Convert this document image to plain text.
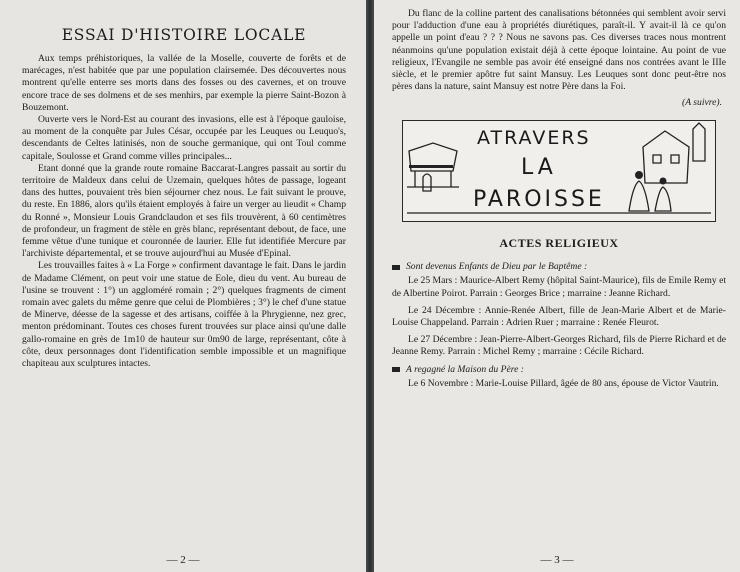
ESSAI D'HISTOIRE LOCALE

Aux temps préhistoriques, la vallée de la Moselle, couverte de forêts et de marécages, n'est habitée que par une population clairsemée. Des découvertes nous montrent qu'elle enterre ses morts dans des fosses ou des cavernes, et on trouve encore trace de ses dolmens et de ses menhirs, par exemple la pierre Saint-Bozon à Bouzemont.

Ouverte vers le Nord-Est au courant des invasions, elle est à l'époque gauloise, au moment de la conquête par Jules César, occupée par les Leuques ou Leuquo's, descendants de Celtes latinisés, non de souche germanique, qui ont Toul comme capitale, Soulosse et Grand comme villes principales...

Etant donné que la grande route romaine Baccarat-Langres passait au sortir du territoire de Maldeux dans celui de Uzemain, quelques hôtes de passage, logeant dans des huttes, pouvaient très bien séjourner chez nous. Le fait suivant le prouve, du reste. En 1886, alors qu'ils étaient employés à faire un verger au lieudit « Champ du Ronné », Monsieur Louis Grandclaudon et ses fils trouvèrent, à 60 centimètres de profondeur, un fragment de stèle en grès blanc, représentant debout, de face, une femme vêtue d'une tunique et couronnée de laurier. Elle fut identifiée Mercure par l'archiviste départemental, et se trouve aujourd'hui au Musée d'Epinal.

Les trouvailles faites à « La Forge » confirment davantage le fait. Dans le jardin de Madame Clément, on peut voir une statue de Eole, dieu du vent. Au bureau de l'usine se trouvent : 1°) un aggloméré romain ; 2°) quelques fragments de ciment romain avec galets du même genre que celui de Plombières ; 3°) le chef d'une statue de Minerve, déesse de la sagesse et des artisans, coiffée à la Phrygienne, nez grec, menton prédominant. Toutes ces choses furent trouvées sur place ainsi qu'une dalle gallo-romaine en grès de 1m10 de hauteur sur 0m90 de large, représentant, côte à côte, deux personnages dont l'identification semble impossible et un magnifique chapiteau aux sculptures intactes.

— 2 —

Du flanc de la colline partent des canalisations bétonnées qui semblent avoir servi pour l'adduction d'une eau à propriétés diurétiques, paraît-il. Y avait-il là ce qu'on appelle un point d'eau ? ? ? Nous ne savons pas. Ces diverses traces nous montrent néanmoins qu'une population existait déjà à cette époque lointaine. Au point de vue religieux, l'Evangile ne semble pas avoir été enseigné dans nos contrées avant le IIIe siècle, et le premier apôtre fut saint Mansuy. Les Leuques sont donc peut-être nos pères dans la nature, saint Mansuy est notre Père dans la Foi.

(A suivre).
ATRAVERS
LA
PAROISSE
ACTES RELIGIEUX
Sont devenus Enfants de Dieu par le Baptême :

Le 25 Mars : Maurice-Albert Remy (hôpital Saint-Maurice), fils de Emile Remy et de Albertine Poirot. Parrain : Georges Brice ; marraine : Jeanne Richard.

Le 24 Décembre : Annie-Renée Albert, fille de Jean-Marie Albert et de Marie-Louise Chappeland. Parrain : Adrien Ruer ; marraine : Renée Fleurot.

Le 27 Décembre : Jean-Pierre-Albert-Georges Richard, fils de Pierre Richard et de Jeanne Remy. Parrain : Michel Remy ; marraine : Cécile Richard.

A regagné la Maison du Père :

Le 6 Novembre : Marie-Louise Pillard, âgée de 80 ans, épouse de Victor Vautrin.

— 3 —
